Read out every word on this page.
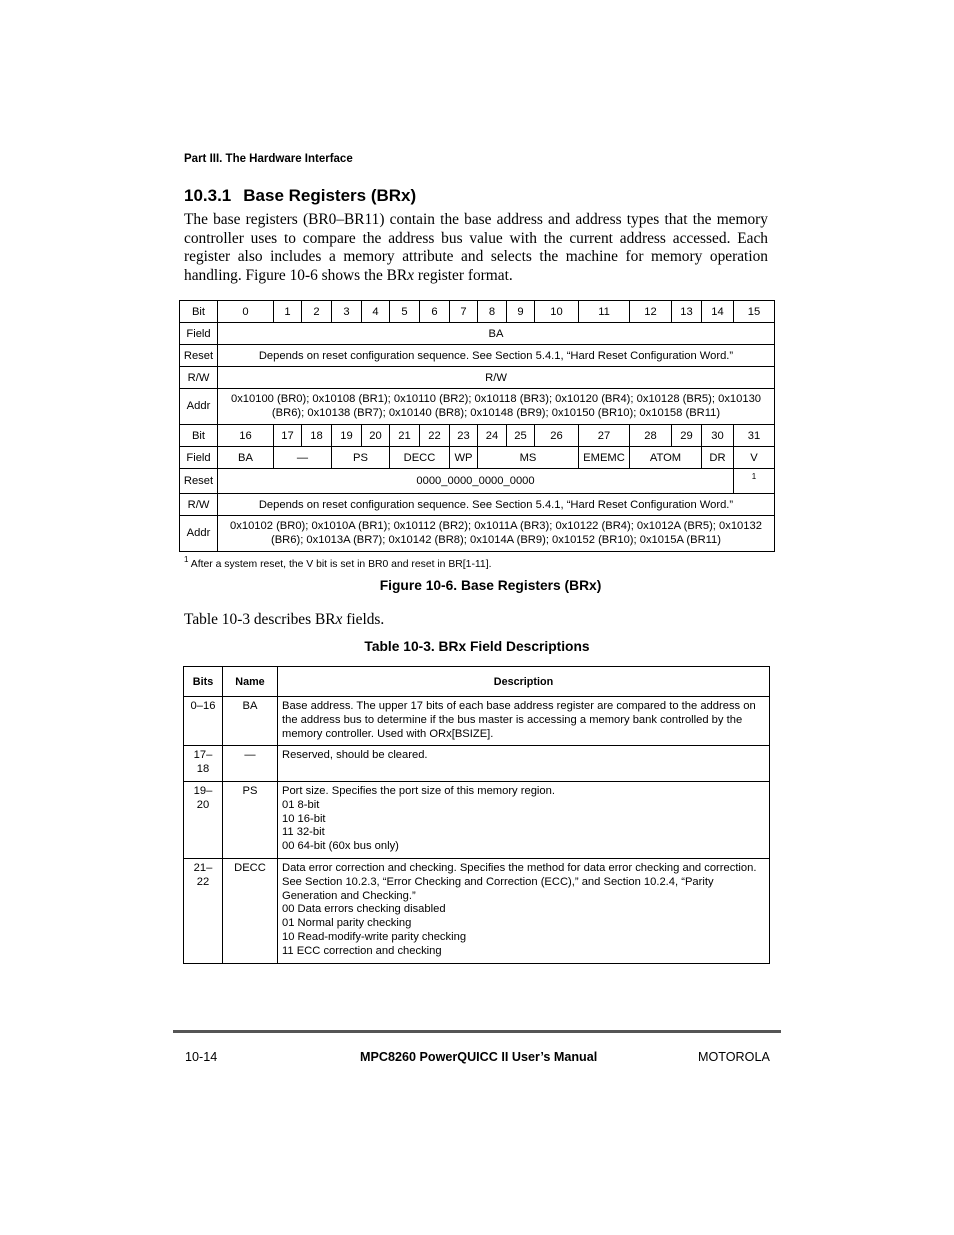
Part III. The Hardware Interface
10.3.1 Base Registers (BRx)
The base registers (BR0–BR11) contain the base address and address types that the memory controller uses to compare the address bus value with the current address accessed. Each register also includes a memory attribute and selects the machine for memory operation handling. Figure 10-6 shows the BRx register format.
Bit	0	1	2	3	4	5	6	7	8	9	10	11	12	13	14	15
Field	BA															
Reset	Depends on reset configuration sequence. See Section 5.4.1, “Hard Reset Configuration Word.”															
R/W	R/W															
Addr	0x10100 (BR0); 0x10108 (BR1); 0x10110 (BR2); 0x10118 (BR3); 0x10120 (BR4); 0x10128 (BR5); 0x10130 (BR6); 0x10138 (BR7); 0x10140 (BR8); 0x10148 (BR9); 0x10150 (BR10); 0x10158 (BR11)															
Bit	16	17	18	19	20	21	22	23	24	25	26	27	28	29	30	31
Field	BA	—		PS		DECC		WP	MS			EMEMC	ATOM		DR	V
Reset	0000_0000_0000_0000															1
R/W	Depends on reset configuration sequence. See Section 5.4.1, “Hard Reset Configuration Word.”															
Addr	0x10102 (BR0); 0x1010A (BR1); 0x10112 (BR2); 0x1011A (BR3); 0x10122 (BR4); 0x1012A (BR5); 0x10132 (BR6); 0x1013A (BR7); 0x10142 (BR8); 0x1014A (BR9); 0x10152 (BR10); 0x1015A (BR11)															
$^1$ After a system reset, the V bit is set in BR0 and reset in BR[1-11].
Figure 10-6. Base Registers (BRx)
Table 10-3 describes BRx fields.
Table 10-3. BRx Field Descriptions
Bits	Name	Description
0–16	BA	Base address. The upper 17 bits of each base address register are compared to the address on the address bus to determine if the bus master is accessing a memory bank controlled by the memory controller. Used with ORx[BSIZE].

17–18	—	Reserved, should be cleared.

19–20	PS	Port size. Specifies the port size of this memory region.
01 8-bit
10 16-bit
11 32-bit
00 64-bit (60x bus only)

21–22	DECC	Data error correction and checking. Specifies the method for data error checking and correction. See Section 10.2.3, “Error Checking and Correction (ECC),” and Section 10.2.4, “Parity Generation and Checking.”
00 Data errors checking disabled
01 Normal parity checking
10 Read-modify-write parity checking
11 ECC correction and checking
10-14	MPC8260 PowerQUICC II User’s Manual	MOTOROLA
